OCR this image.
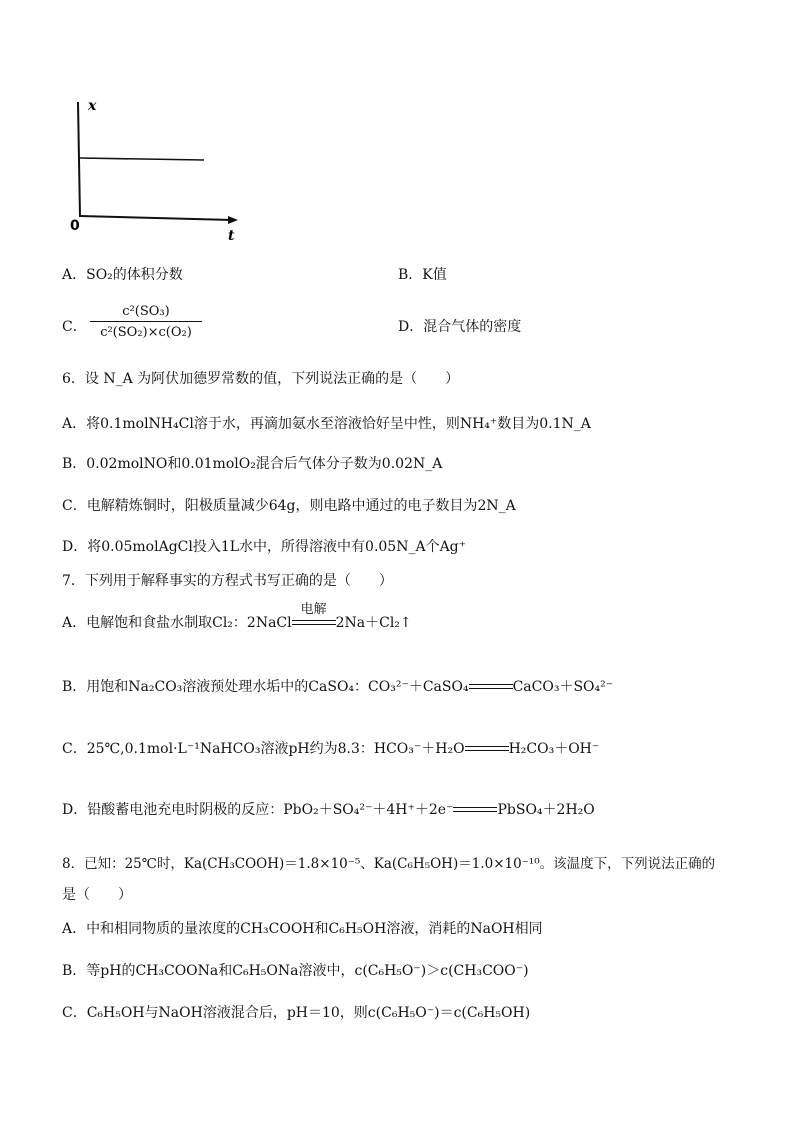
x
t
0
A．SO₂的体积分数	B．K值
C．
c²(SO₃)
c²(SO₂)×c(O₂)	D．混合气体的密度
6．设 N_A 为阿伏加德罗常数的值，下列说法正确的是（　　）
A．将0.1molNH₄Cl溶于水，再滴加氨水至溶液恰好呈中性，则NH₄⁺数目为0.1N_A
B．0.02molNO和0.01molO₂混合后气体分子数为0.02N_A
C．电解精炼铜时，阳极质量减少64g，则电路中通过的电子数目为2N_A
D．将0.05molAgCl投入1L水中，所得溶液中有0.05N_A个Ag⁺
7．下列用于解释事实的方程式书写正确的是（　　）
A．电解饱和食盐水制取Cl₂：2NaCl
电解
2Na＋Cl₂↑
B．用饱和Na₂CO₃溶液预处理水垢中的CaSO₄：CO₃²⁻＋CaSO₄	CaCO₃＋SO₄²⁻
C．25℃,0.1mol·L⁻¹NaHCO₃溶液pH约为8.3：HCO₃⁻＋H₂O	H₂CO₃＋OH⁻
D．铅酸蓄电池充电时阴极的反应：PbO₂＋SO₄²⁻＋4H⁺＋2e⁻	PbSO₄＋2H₂O
8．已知：25℃时，Ka(CH₃COOH)＝1.8×10⁻⁵、Ka(C₆H₅OH)＝1.0×10⁻¹⁰。该温度下，下列说法正确的
是（　　）
A．中和相同物质的量浓度的CH₃COOH和C₆H₅OH溶液，消耗的NaOH相同
B．等pH的CH₃COONa和C₆H₅ONa溶液中，c(C₆H₅O⁻)＞c(CH₃COO⁻)
C．C₆H₅OH与NaOH溶液混合后，pH＝10，则c(C₆H₅O⁻)＝c(C₆H₅OH)
